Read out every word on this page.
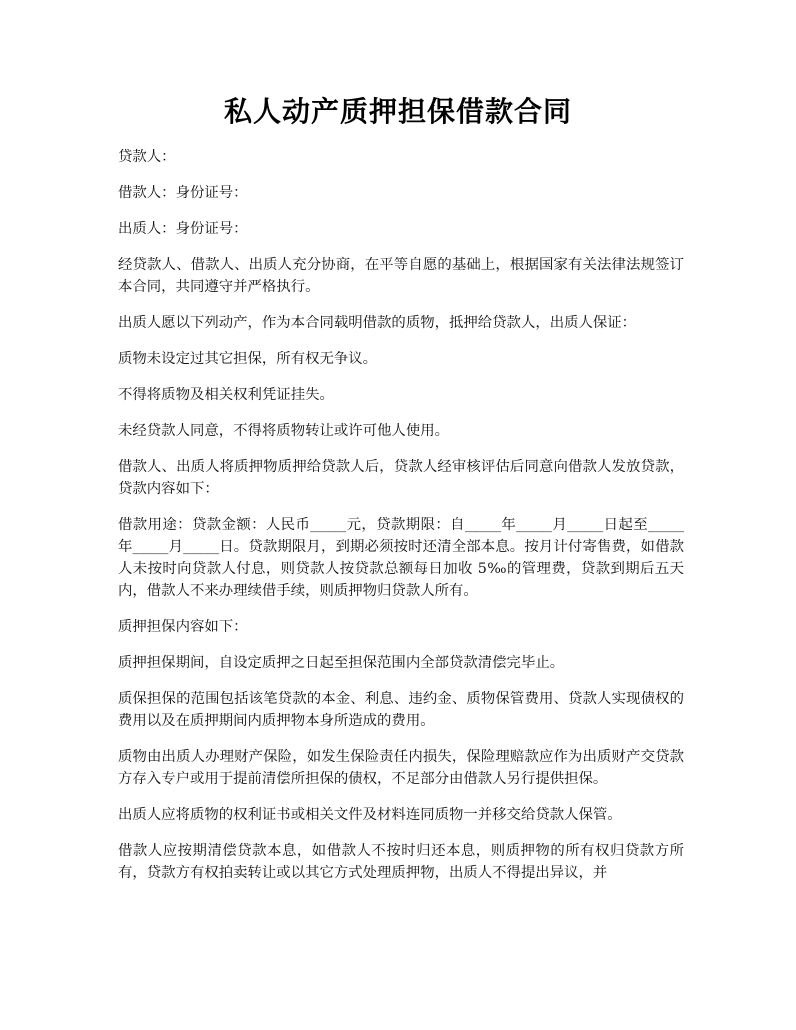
私人动产质押担保借款合同

贷款人：

借款人：身份证号：

出质人：身份证号：

经贷款人、借款人、出质人充分协商，在平等自愿的基础上，根据国家有关法律法规签订本合同，共同遵守并严格执行。

出质人愿以下列动产，作为本合同载明借款的质物，抵押给贷款人，出质人保证：

质物未设定过其它担保，所有权无争议。

不得将质物及相关权利凭证挂失。

未经贷款人同意，不得将质物转让或许可他人使用。

借款人、出质人将质押物质押给贷款人后，贷款人经审核评估后同意向借款人发放贷款，贷款内容如下：

借款用途：贷款金额：人民币_____元，贷款期限：自_____年_____月_____日起至_____年_____月_____日。贷款期限月，到期必须按时还清全部本息。按月计付寄售费，如借款人未按时向贷款人付息，则贷款人按贷款总额每日加收 5‰的管理费，贷款到期后五天内，借款人不来办理续借手续，则质押物归贷款人所有。

质押担保内容如下：

质押担保期间，自设定质押之日起至担保范围内全部贷款清偿完毕止。

质保担保的范围包括该笔贷款的本金、利息、违约金、质物保管费用、贷款人实现债权的费用以及在质押期间内质押物本身所造成的费用。

质物由出质人办理财产保险，如发生保险责任内损失，保险理赔款应作为出质财产交贷款方存入专户或用于提前清偿所担保的债权，不足部分由借款人另行提供担保。

出质人应将质物的权利证书或相关文件及材料连同质物一并移交给贷款人保管。

借款人应按期清偿贷款本息，如借款人不按时归还本息，则质押物的所有权归贷款方所有，贷款方有权拍卖转让或以其它方式处理质押物，出质人不得提出异议，并
